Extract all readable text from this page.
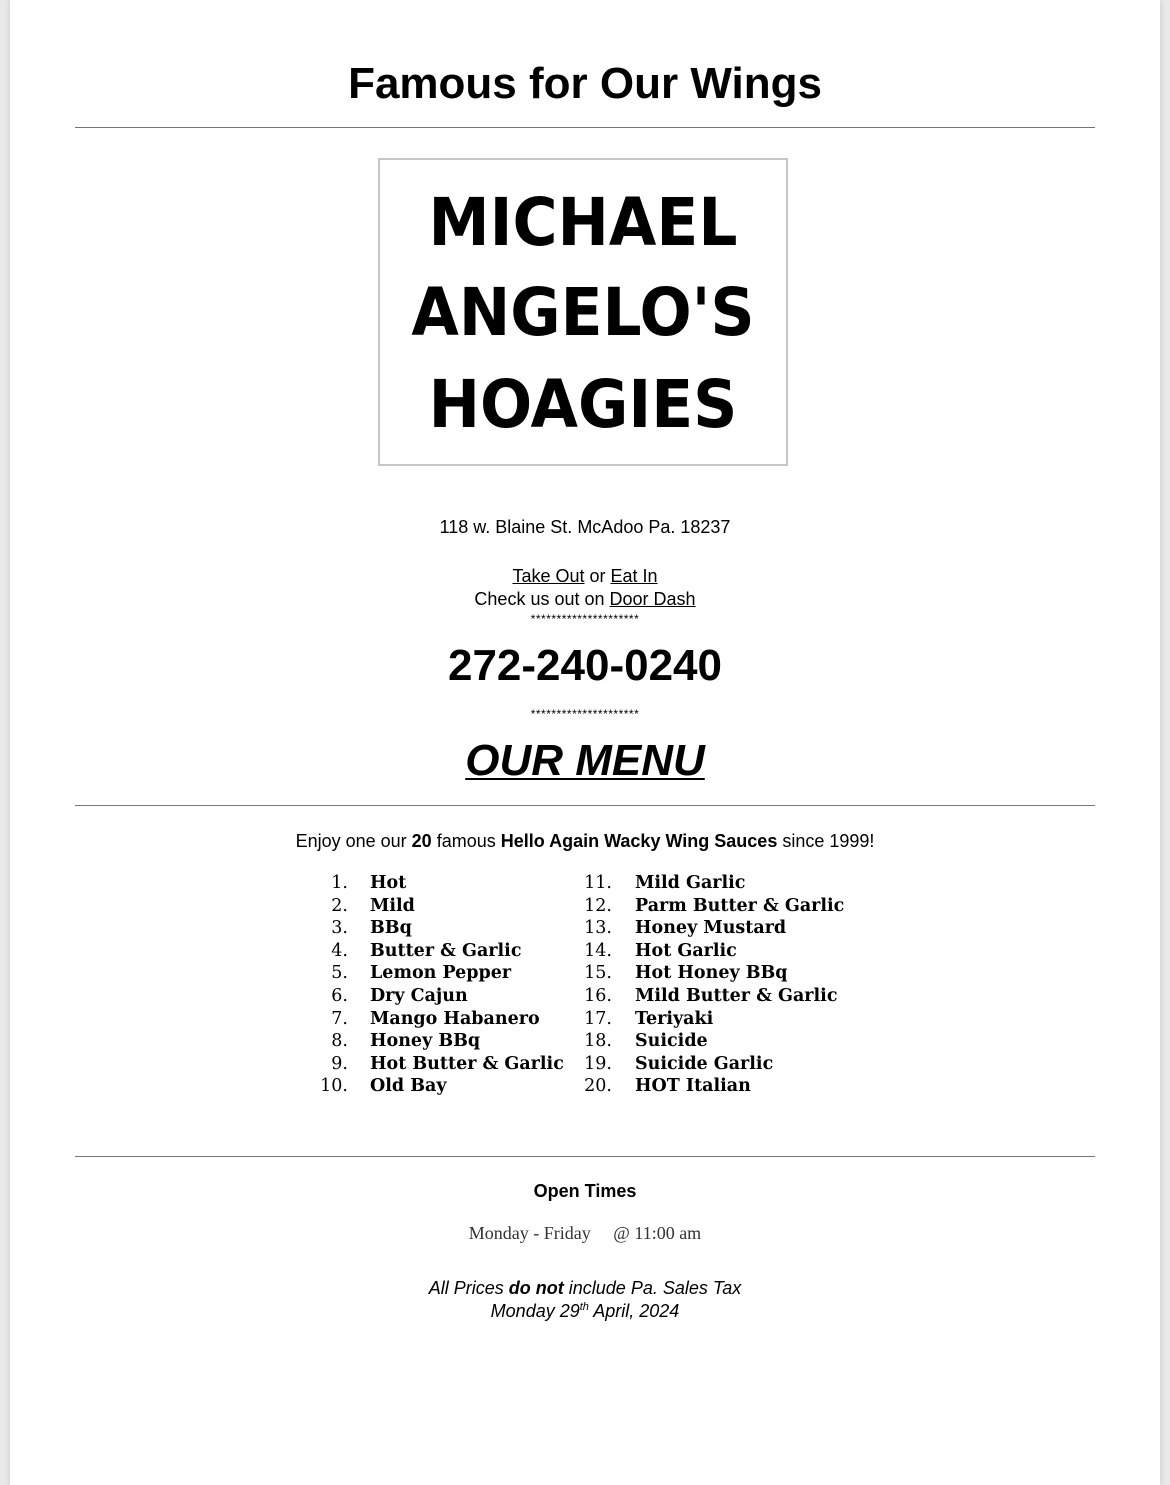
Famous for Our Wings
MICHAEL
ANGELO'S
HOAGIES
118 w. Blaine St. McAdoo Pa. 18237
Take Out or Eat In
Check us out on Door Dash
*********************
272-240-0240
*********************
OUR MENU
Enjoy one our 20 famous Hello Again Wacky Wing Sauces since 1999!
1. Hot
2. Mild
3. BBq
4. Butter & Garlic
5. Lemon Pepper
6. Dry Cajun
7. Mango Habanero
8. Honey BBq
9. Hot Butter & Garlic
10. Old Bay
11. Mild Garlic
12. Parm Butter & Garlic
13. Honey Mustard
14. Hot Garlic
15. Hot Honey BBq
16. Mild Butter & Garlic
17. Teriyaki
18. Suicide
19. Suicide Garlic
20. HOT Italian
Open Times
Monday - Friday @ 11:00 am
All Prices do not include Pa. Sales Tax
Monday 29th April, 2024
